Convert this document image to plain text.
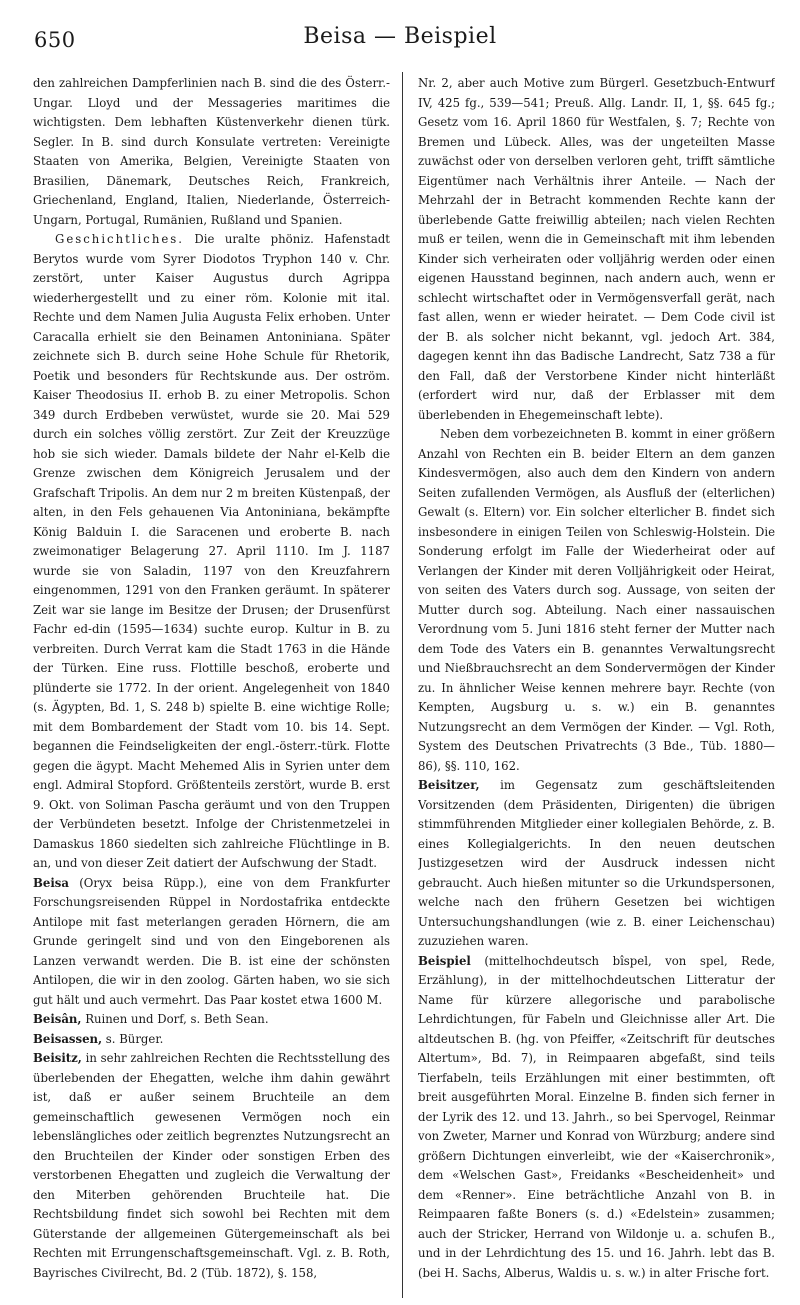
650	Beisa — Beispiel

den zahlreichen Dampferlinien nach B. sind die des Österr.-Ungar. Lloyd und der Messageries maritimes die wichtigsten. Dem lebhaften Küstenverkehr dienen türk. Segler. In B. sind durch Konsulate vertreten: Vereinigte Staaten von Amerika, Belgien, Vereinigte Staaten von Brasilien, Dänemark, Deutsches Reich, Frankreich, Griechenland, England, Italien, Niederlande, Österreich-Ungarn, Portugal, Rumänien, Rußland und Spanien.

Geschichtliches. Die uralte phöniz. Hafenstadt Berytos wurde vom Syrer Diodotos Tryphon 140 v. Chr. zerstört, unter Kaiser Augustus durch Agrippa wiederhergestellt und zu einer röm. Kolonie mit ital. Rechte und dem Namen Julia Augusta Felix erhoben. Unter Caracalla erhielt sie den Beinamen Antoniniana. Später zeichnete sich B. durch seine Hohe Schule für Rhetorik, Poetik und besonders für Rechtskunde aus. Der oström. Kaiser Theodosius II. erhob B. zu einer Metropolis. Schon 349 durch Erdbeben verwüstet, wurde sie 20. Mai 529 durch ein solches völlig zerstört. Zur Zeit der Kreuzzüge hob sie sich wieder. Damals bildete der Nahr el-Kelb die Grenze zwischen dem Königreich Jerusalem und der Grafschaft Tripolis. An dem nur 2 m breiten Küstenpaß, der alten, in den Fels gehauenen Via Antoniniana, bekämpfte König Balduin I. die Saracenen und eroberte B. nach zweimonatiger Belagerung 27. April 1110. Im J. 1187 wurde sie von Saladin, 1197 von den Kreuzfahrern eingenommen, 1291 von den Franken geräumt. In späterer Zeit war sie lange im Besitze der Drusen; der Drusenfürst Fachr ed-din (1595—1634) suchte europ. Kultur in B. zu verbreiten. Durch Verrat kam die Stadt 1763 in die Hände der Türken. Eine russ. Flottille beschoß, eroberte und plünderte sie 1772. In der orient. Angelegenheit von 1840 (s. Ägypten, Bd. 1, S. 248 b) spielte B. eine wichtige Rolle; mit dem Bombardement der Stadt vom 10. bis 14. Sept. begannen die Feindseligkeiten der engl.-österr.-türk. Flotte gegen die ägypt. Macht Mehemed Alis in Syrien unter dem engl. Admiral Stopford. Größtenteils zerstört, wurde B. erst 9. Okt. von Soliman Pascha geräumt und von den Truppen der Verbündeten besetzt. Infolge der Christenmetzelei in Damaskus 1860 siedelten sich zahlreiche Flüchtlinge in B. an, und von dieser Zeit datiert der Aufschwung der Stadt.

Beisa (Oryx beisa Rüpp.), eine von dem Frankfurter Forschungsreisenden Rüppel in Nordostafrika entdeckte Antilope mit fast meterlangen geraden Hörnern, die am Grunde geringelt sind und von den Eingeborenen als Lanzen verwandt werden. Die B. ist eine der schönsten Antilopen, die wir in den zoolog. Gärten haben, wo sie sich gut hält und auch vermehrt. Das Paar kostet etwa 1600 M.

Beisân, Ruinen und Dorf, s. Beth Sean.

Beisassen, s. Bürger.

Beisitz, in sehr zahlreichen Rechten die Rechtsstellung des überlebenden der Ehegatten, welche ihm dahin gewährt ist, daß er außer seinem Bruchteile an dem gemeinschaftlich gewesenen Vermögen noch ein lebenslängliches oder zeitlich begrenztes Nutzungsrecht an den Bruchteilen der Kinder oder sonstigen Erben des verstorbenen Ehegatten und zugleich die Verwaltung der den Miterben gehörenden Bruchteile hat. Die Rechtsbildung findet sich sowohl bei Rechten mit dem Güterstande der allgemeinen Gütergemeinschaft als bei Rechten mit Errungenschaftsgemeinschaft. Vgl. z. B. Roth, Bayrisches Civilrecht, Bd. 2 (Tüb. 1872), §. 158,

Nr. 2, aber auch Motive zum Bürgerl. Gesetzbuch-Entwurf IV, 425 fg., 539—541; Preuß. Allg. Landr. II, 1, §§. 645 fg.; Gesetz vom 16. April 1860 für Westfalen, §. 7; Rechte von Bremen und Lübeck. Alles, was der ungeteilten Masse zuwächst oder von derselben verloren geht, trifft sämtliche Eigentümer nach Verhältnis ihrer Anteile. — Nach der Mehrzahl der in Betracht kommenden Rechte kann der überlebende Gatte freiwillig abteilen; nach vielen Rechten muß er teilen, wenn die in Gemeinschaft mit ihm lebenden Kinder sich verheiraten oder volljährig werden oder einen eigenen Hausstand beginnen, nach andern auch, wenn er schlecht wirtschaftet oder in Vermögensverfall gerät, nach fast allen, wenn er wieder heiratet. — Dem Code civil ist der B. als solcher nicht bekannt, vgl. jedoch Art. 384, dagegen kennt ihn das Badische Landrecht, Satz 738 a für den Fall, daß der Verstorbene Kinder nicht hinterläßt (erfordert wird nur, daß der Erblasser mit dem überlebenden in Ehegemeinschaft lebte).

Neben dem vorbezeichneten B. kommt in einer größern Anzahl von Rechten ein B. beider Eltern an dem ganzen Kindesvermögen, also auch dem den Kindern von andern Seiten zufallenden Vermögen, als Ausfluß der (elterlichen) Gewalt (s. Eltern) vor. Ein solcher elterlicher B. findet sich insbesondere in einigen Teilen von Schleswig-Holstein. Die Sonderung erfolgt im Falle der Wiederheirat oder auf Verlangen der Kinder mit deren Volljährigkeit oder Heirat, von seiten des Vaters durch sog. Aussage, von seiten der Mutter durch sog. Abteilung. Nach einer nassauischen Verordnung vom 5. Juni 1816 steht ferner der Mutter nach dem Tode des Vaters ein B. genanntes Verwaltungsrecht und Nießbrauchsrecht an dem Sondervermögen der Kinder zu. In ähnlicher Weise kennen mehrere bayr. Rechte (von Kempten, Augsburg u. s. w.) ein B. genanntes Nutzungsrecht an dem Vermögen der Kinder. — Vgl. Roth, System des Deutschen Privatrechts (3 Bde., Tüb. 1880—86), §§. 110, 162.

Beisitzer, im Gegensatz zum geschäftsleitenden Vorsitzenden (dem Präsidenten, Dirigenten) die übrigen stimmführenden Mitglieder einer kollegialen Behörde, z. B. eines Kollegialgerichts. In den neuen deutschen Justizgesetzen wird der Ausdruck indessen nicht gebraucht. Auch hießen mitunter so die Urkundspersonen, welche nach den frühern Gesetzen bei wichtigen Untersuchungshandlungen (wie z. B. einer Leichenschau) zuzuziehen waren.

Beispiel (mittelhochdeutsch bîspel, von spel, Rede, Erzählung), in der mittelhochdeutschen Litteratur der Name für kürzere allegorische und parabolische Lehrdichtungen, für Fabeln und Gleichnisse aller Art. Die altdeutschen B. (hg. von Pfeiffer, «Zeitschrift für deutsches Altertum», Bd. 7), in Reimpaaren abgefaßt, sind teils Tierfabeln, teils Erzählungen mit einer bestimmten, oft breit ausgeführten Moral. Einzelne B. finden sich ferner in der Lyrik des 12. und 13. Jahrh., so bei Spervogel, Reinmar von Zweter, Marner und Konrad von Würzburg; andere sind größern Dichtungen einverleibt, wie der «Kaiserchronik», dem «Welschen Gast», Freidanks «Bescheidenheit» und dem «Renner». Eine beträchtliche Anzahl von B. in Reimpaaren faßte Boners (s. d.) «Edelstein» zusammen; auch der Stricker, Herrand von Wildonje u. a. schufen B., und in der Lehrdichtung des 15. und 16. Jahrh. lebt das B. (bei H. Sachs, Alberus, Waldis u. s. w.) in alter Frische fort.
